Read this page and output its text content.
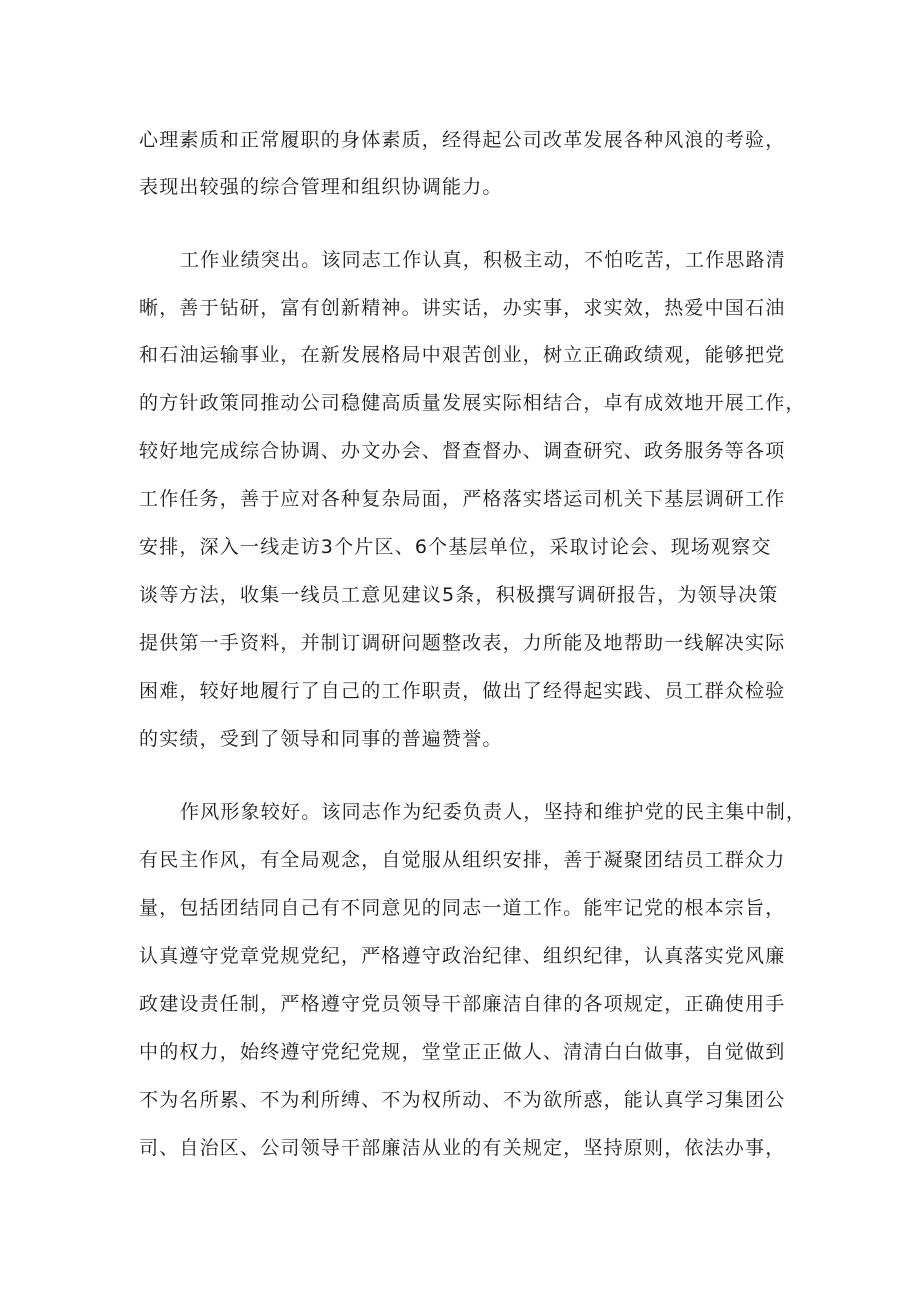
心理素质和正常履职的身体素质，经得起公司改革发展各种风浪的考验，
表现出较强的综合管理和组织协调能力。
工作业绩突出。该同志工作认真，积极主动，不怕吃苦，工作思路清
晰，善于钻研，富有创新精神。讲实话，办实事，求实效，热爱中国石油
和石油运输事业，在新发展格局中艰苦创业，树立正确政绩观，能够把党
的方针政策同推动公司稳健高质量发展实际相结合，卓有成效地开展工作，
较好地完成综合协调、办文办会、督查督办、调查研究、政务服务等各项
工作任务，善于应对各种复杂局面，严格落实塔运司机关下基层调研工作
安排，深入一线走访3个片区、6个基层单位，采取讨论会、现场观察交
谈等方法，收集一线员工意见建议5条，积极撰写调研报告，为领导决策
提供第一手资料，并制订调研问题整改表，力所能及地帮助一线解决实际
困难，较好地履行了自己的工作职责，做出了经得起实践、员工群众检验
的实绩，受到了领导和同事的普遍赞誉。
作风形象较好。该同志作为纪委负责人，坚持和维护党的民主集中制，
有民主作风，有全局观念，自觉服从组织安排，善于凝聚团结员工群众力
量，包括团结同自己有不同意见的同志一道工作。能牢记党的根本宗旨，
认真遵守党章党规党纪，严格遵守政治纪律、组织纪律，认真落实党风廉
政建设责任制，严格遵守党员领导干部廉洁自律的各项规定，正确使用手
中的权力，始终遵守党纪党规，堂堂正正做人、清清白白做事，自觉做到
不为名所累、不为利所缚、不为权所动、不为欲所惑，能认真学习集团公
司、自治区、公司领导干部廉洁从业的有关规定，坚持原则，依法办事，
